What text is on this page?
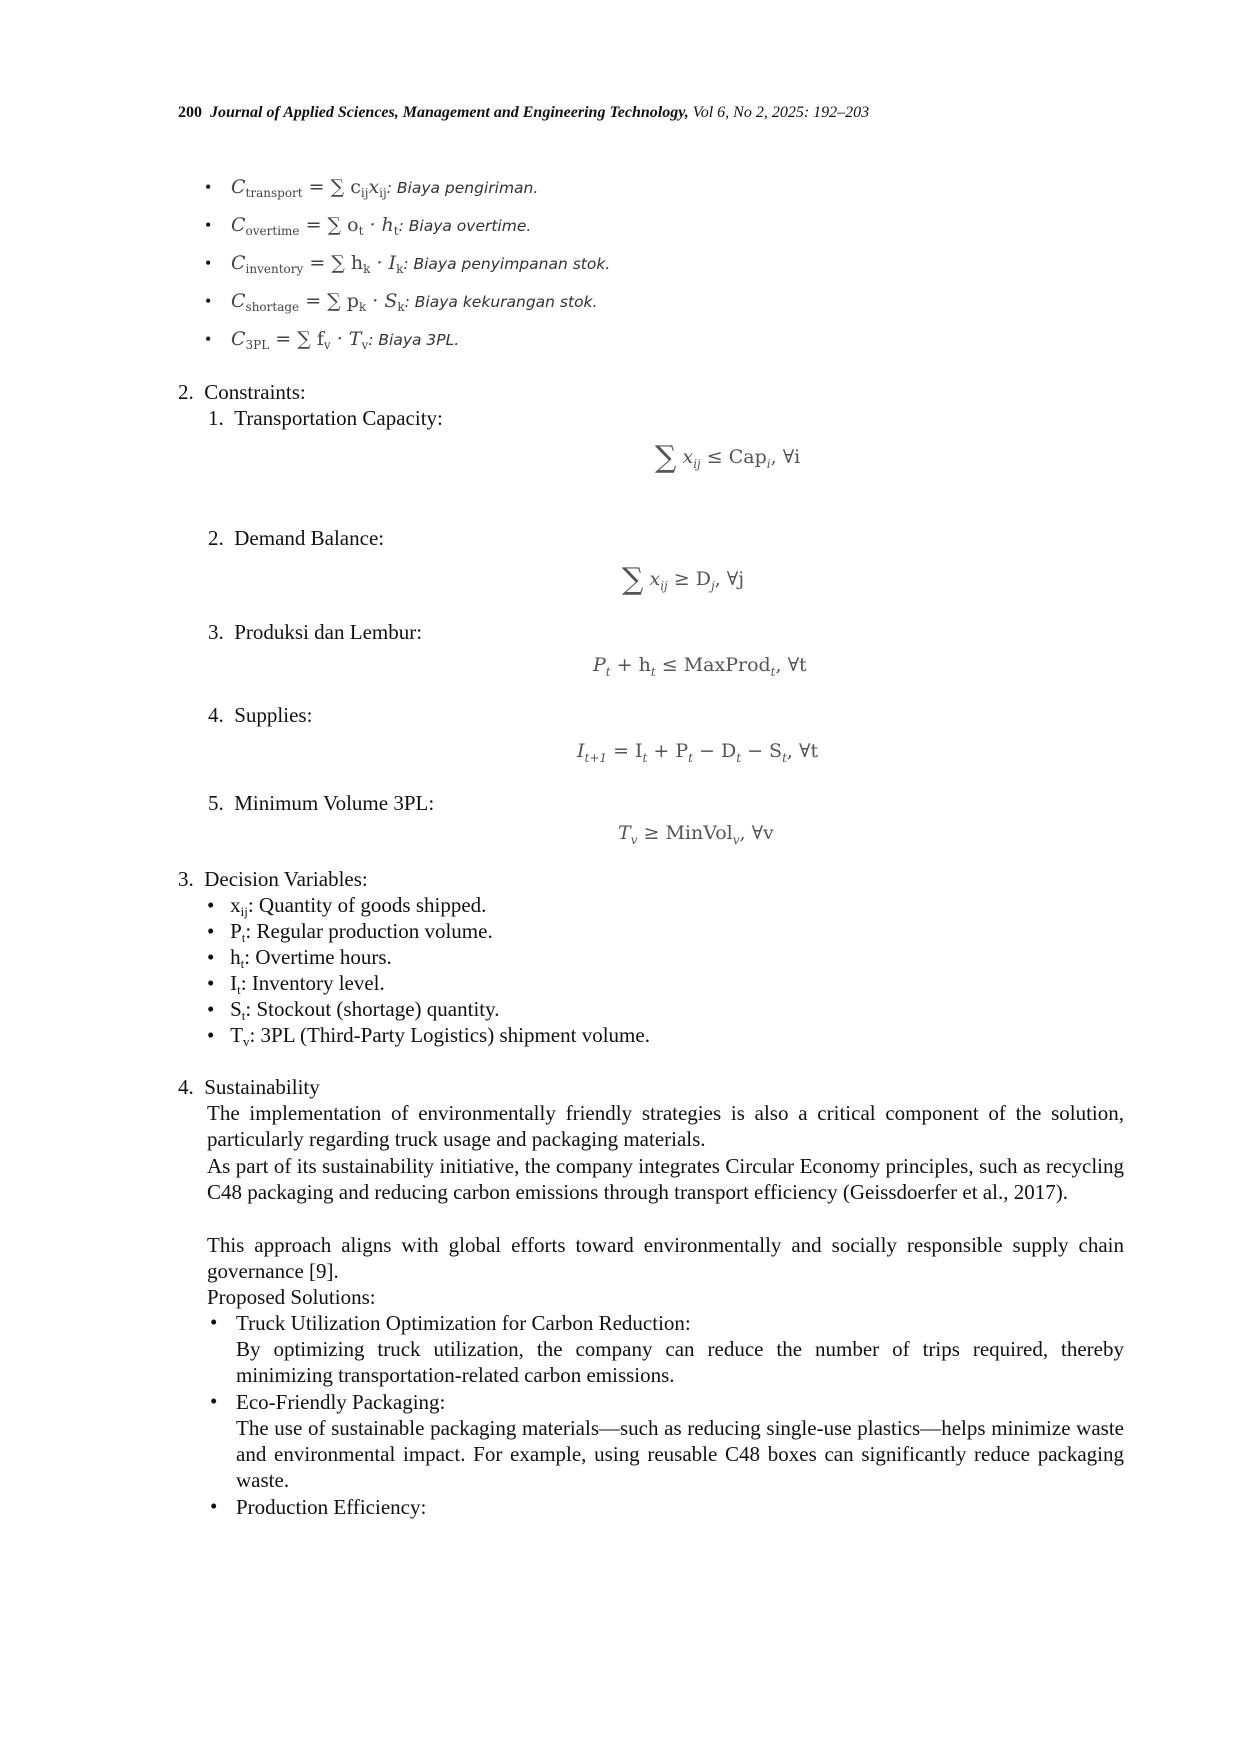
200 Journal of Applied Sciences, Management and Engineering Technology, Vol 6, No 2, 2025: 192–203
• $C_{transport}$ = ∑ $c_{ij}x_{ij}$: Biaya pengiriman.
• $C_{overtime}$ = ∑ $o_t \cdot h_t$: Biaya overtime.
• $C_{inventory}$ = ∑ $h_k \cdot I_k$: Biaya penyimpanan stok.
• $C_{shortage}$ = ∑ $p_k \cdot S_k$: Biaya kekurangan stok.
• $C_{3PL}$ = ∑ $f_v \cdot T_v$: Biaya 3PL.
2. Constraints:
1. Transportation Capacity:
∑ $x_{ij} \le Cap_i$, ∀i
2. Demand Balance:
∑ $x_{ij} \ge D_j$, ∀j
3. Produksi dan Lembur:
$P_t + h_t$ ≤ MaxProd$_t$, ∀t
4. Supplies:
$I_{t+1} = I_t + P_t - D_t - S_t$, ∀t
5. Minimum Volume 3PL:
$T_v$ ≥ MinVol$_v$, ∀v
3. Decision Variables:
•   xij: Quantity of goods shipped.
•   Pt: Regular production volume.
•   ht: Overtime hours.
•   It: Inventory level.
•   St: Stockout (shortage) quantity.
•   Tv: 3PL (Third-Party Logistics) shipment volume.
4. Sustainability
The implementation of environmentally friendly strategies is also a critical component of the solution, particularly regarding truck usage and packaging materials.
As part of its sustainability initiative, the company integrates Circular Economy principles, such as recycling C48 packaging and reducing carbon emissions through transport efficiency (Geissdoerfer et al., 2017).
This approach aligns with global efforts toward environmentally and socially responsible supply chain governance [9].
Proposed Solutions:
• Truck Utilization Optimization for Carbon Reduction:
By optimizing truck utilization, the company can reduce the number of trips required, thereby minimizing transportation-related carbon emissions.
• Eco-Friendly Packaging:
The use of sustainable packaging materials—such as reducing single-use plastics—helps minimize waste and environmental impact. For example, using reusable C48 boxes can significantly reduce packaging waste.
• Production Efficiency:
